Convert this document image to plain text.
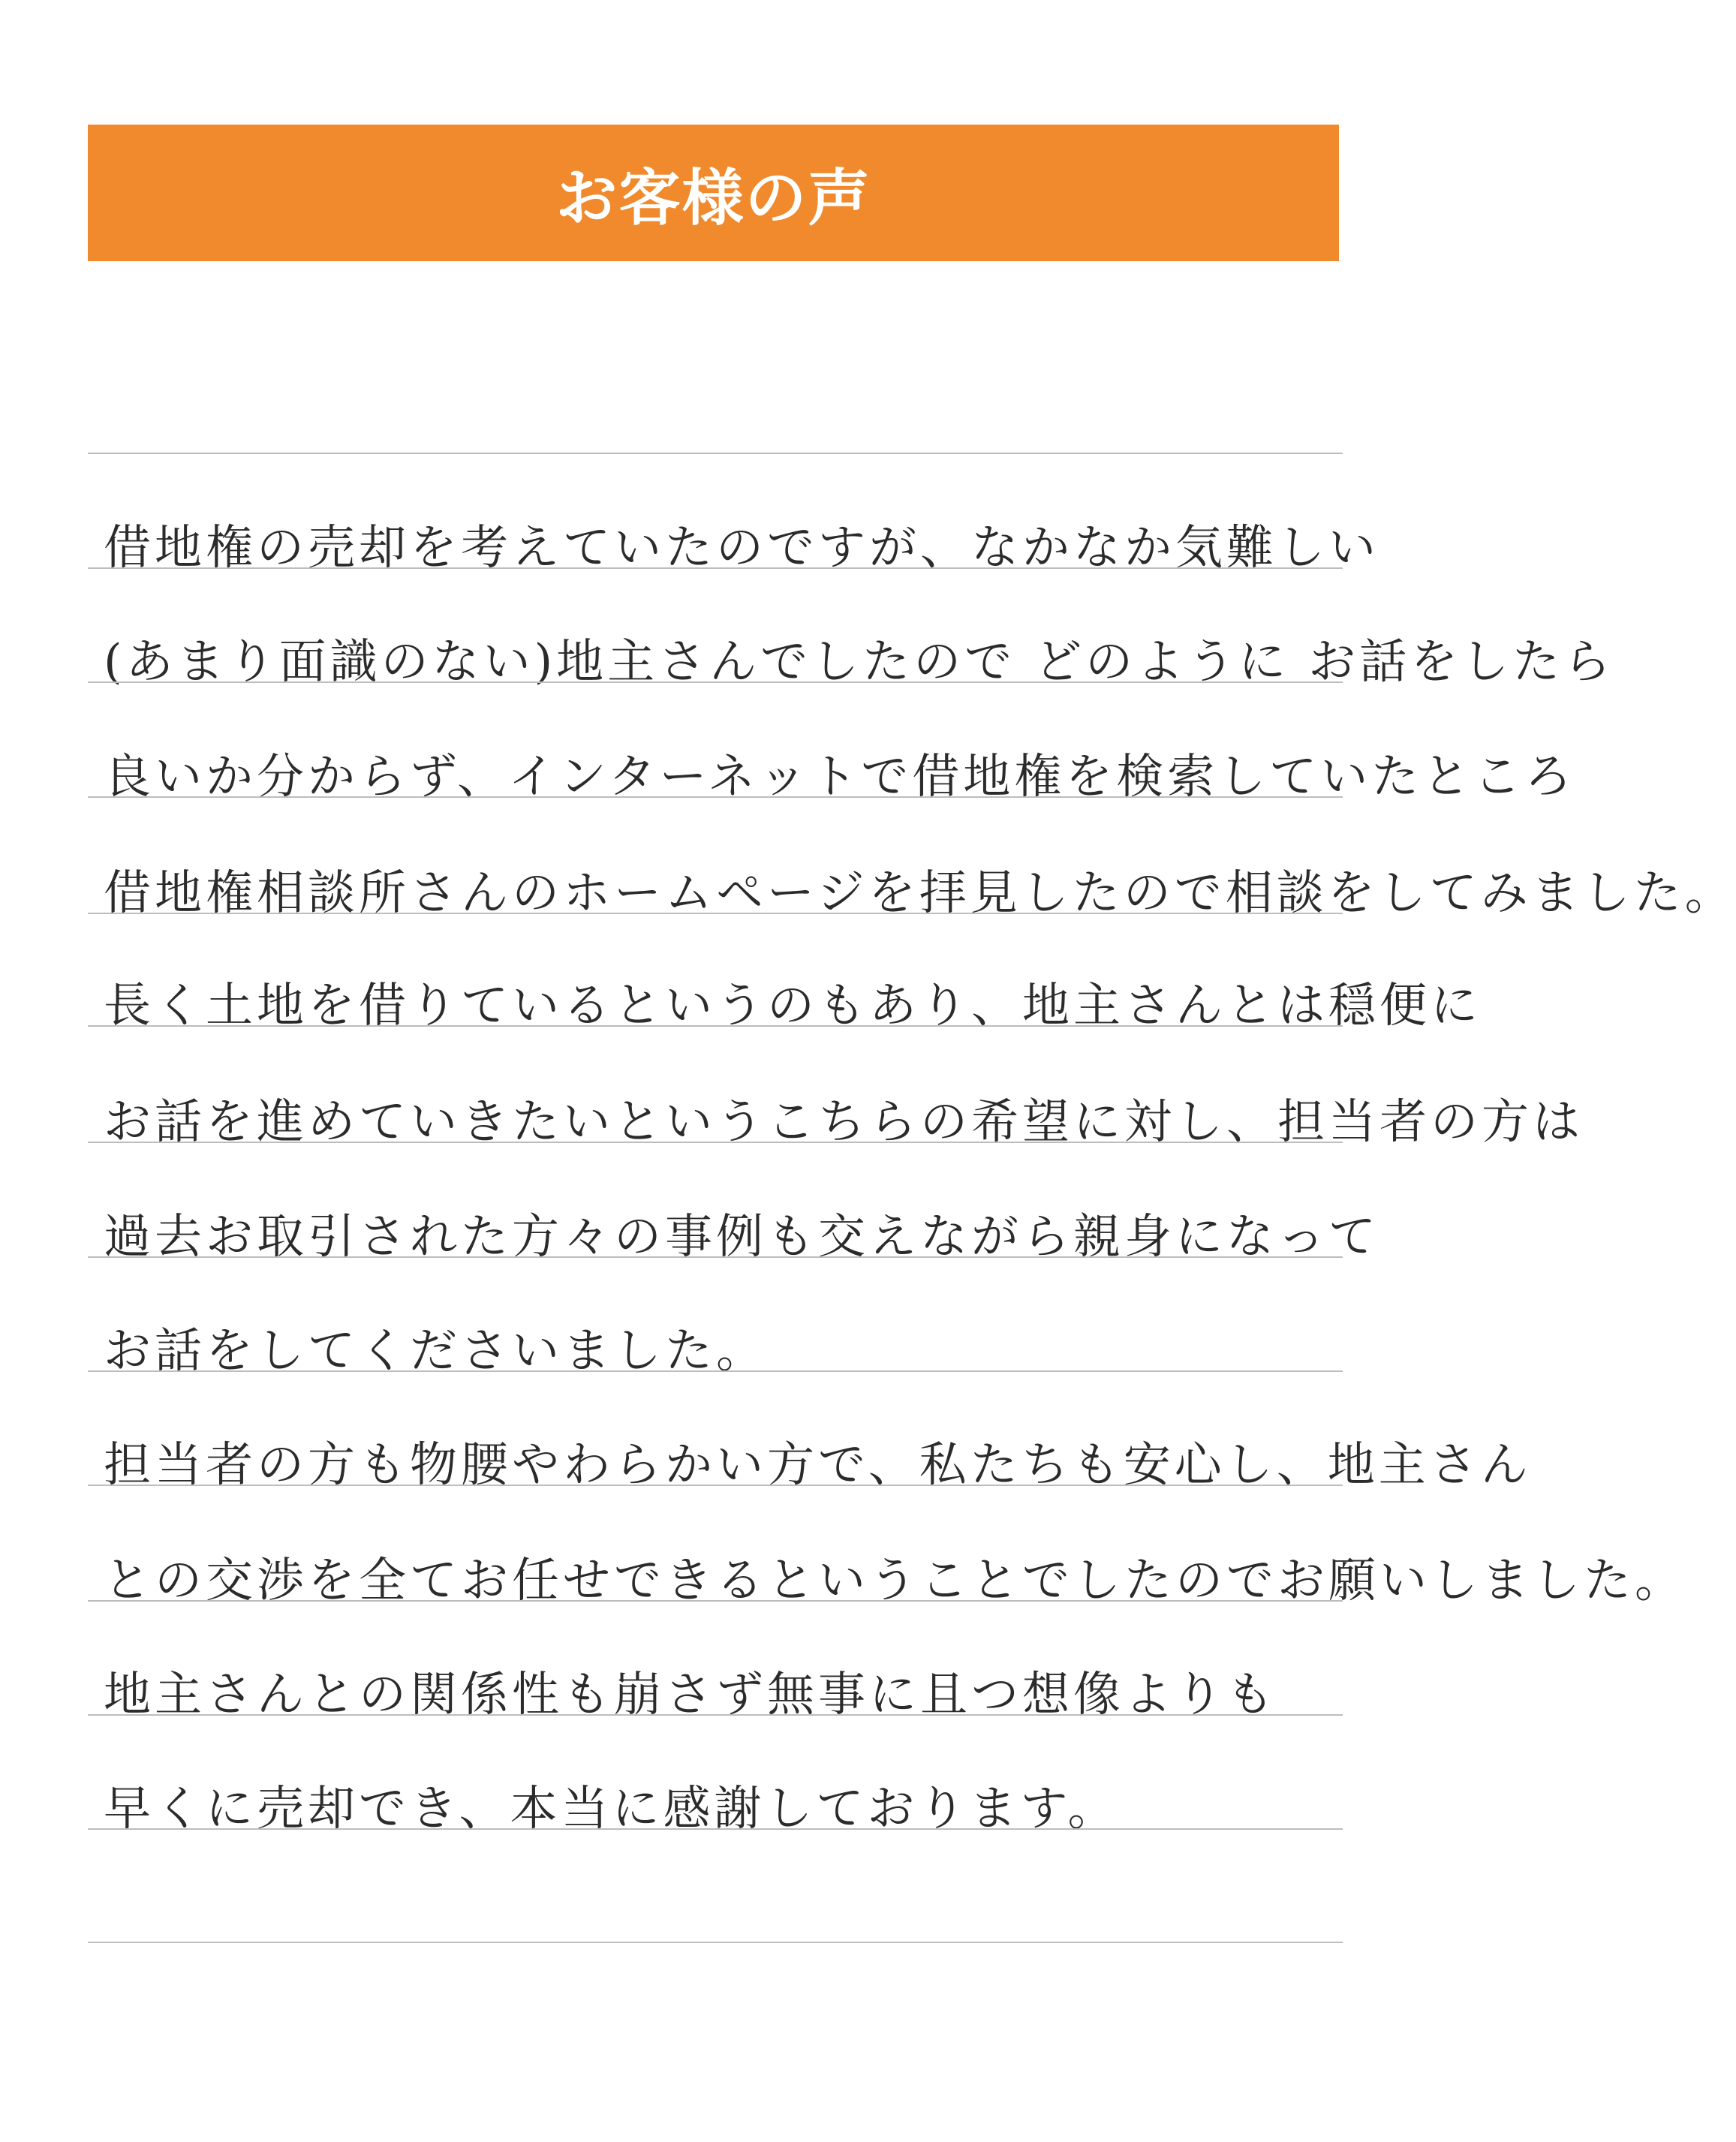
お客様の声
借地権の売却を考えていたのですが、なかなか気難しい
(あまり面識のない)地主さんでしたので どのように お話をしたら
良いか分からず、インターネットで借地権を検索していたところ
借地権相談所さんのホームページを拝見したので相談をしてみました。
長く土地を借りているというのもあり、地主さんとは穏便に
お話を進めていきたいというこちらの希望に対し、担当者の方は
過去お取引された方々の事例も交えながら親身になって
お話をしてくださいました。
担当者の方も物腰やわらかい方で、私たちも安心し、地主さん
との交渉を全てお任せできるということでしたのでお願いしました。
地主さんとの関係性も崩さず無事に且つ想像よりも
早くに売却でき、本当に感謝しております。
